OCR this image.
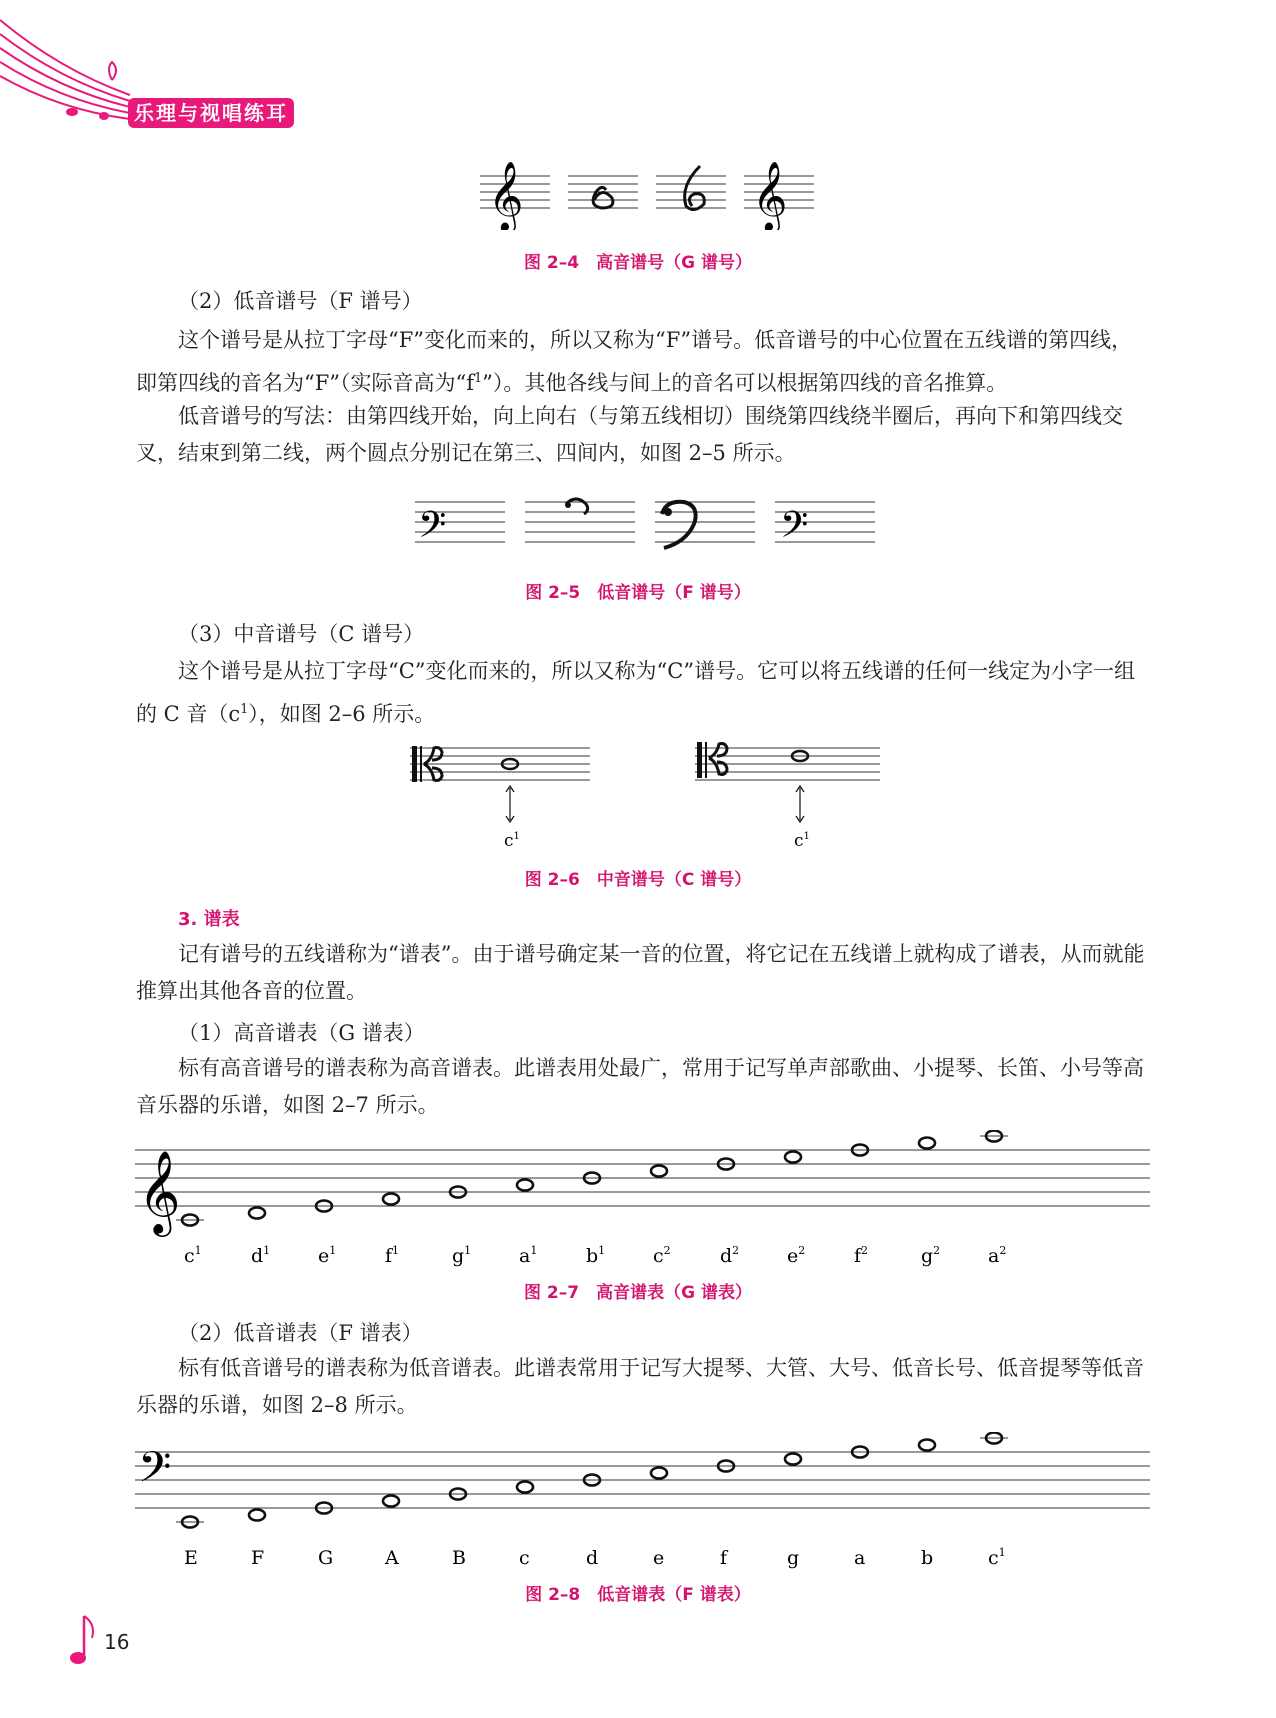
乐理与视唱练耳
𝄞	𝄞
图 2–4　高音谱号（G 谱号）
（2）低音谱号（F 谱号）

这个谱号是从拉丁字母“F”变化而来的，所以又称为“F”谱号。低音谱号的中心位置在五线谱的第四线，即第四线的音名为“F”（实际音高为“$f^1$”）。其他各线与间上的音名可以根据第四线的音名推算。

低音谱号的写法：由第四线开始，向上向右（与第五线相切）围绕第四线绕半圈后，再向下和第四线交叉，结束到第二线，两个圆点分别记在第三、四间内，如图 2–5 所示。

𝄢	𝄢
图 2–5　低音谱号（F 谱号）
（3）中音谱号（C 谱号）

这个谱号是从拉丁字母“C”变化而来的，所以又称为“C”谱号。它可以将五线谱的任何一线定为小字一组的 C 音$(c^1)$，如图 2–6 所示。

$c^1$	$c^1$
图 2–6　中音谱号（C 谱号）
3. 谱表

记有谱号的五线谱称为“谱表”。由于谱号确定某一音的位置，将它记在五线谱上就构成了谱表，从而就能推算出其他各音的位置。

（1）高音谱表（G 谱表）

标有高音谱号的谱表称为高音谱表。此谱表用处最广，常用于记写单声部歌曲、小提琴、长笛、小号等高音乐器的乐谱，如图 2–7 所示。

𝄞
$c^1$	$d^1$	$e^1$	$f^1$	$g^1$	$a^1$	$b^1$	$c^2$	$d^2$	$e^2$	$f^2$	$g^2$	$a^2$
图 2–7　高音谱表（G 谱表）
（2）低音谱表（F 谱表）

标有低音谱号的谱表称为低音谱表。此谱表常用于记写大提琴、大管、大号、低音长号、低音提琴等低音乐器的乐谱，如图 2–8 所示。

𝄢
E	F	G	A	B	c	d	e	f	g	a	b	$c^1$
图 2–8　低音谱表（F 谱表）
16
